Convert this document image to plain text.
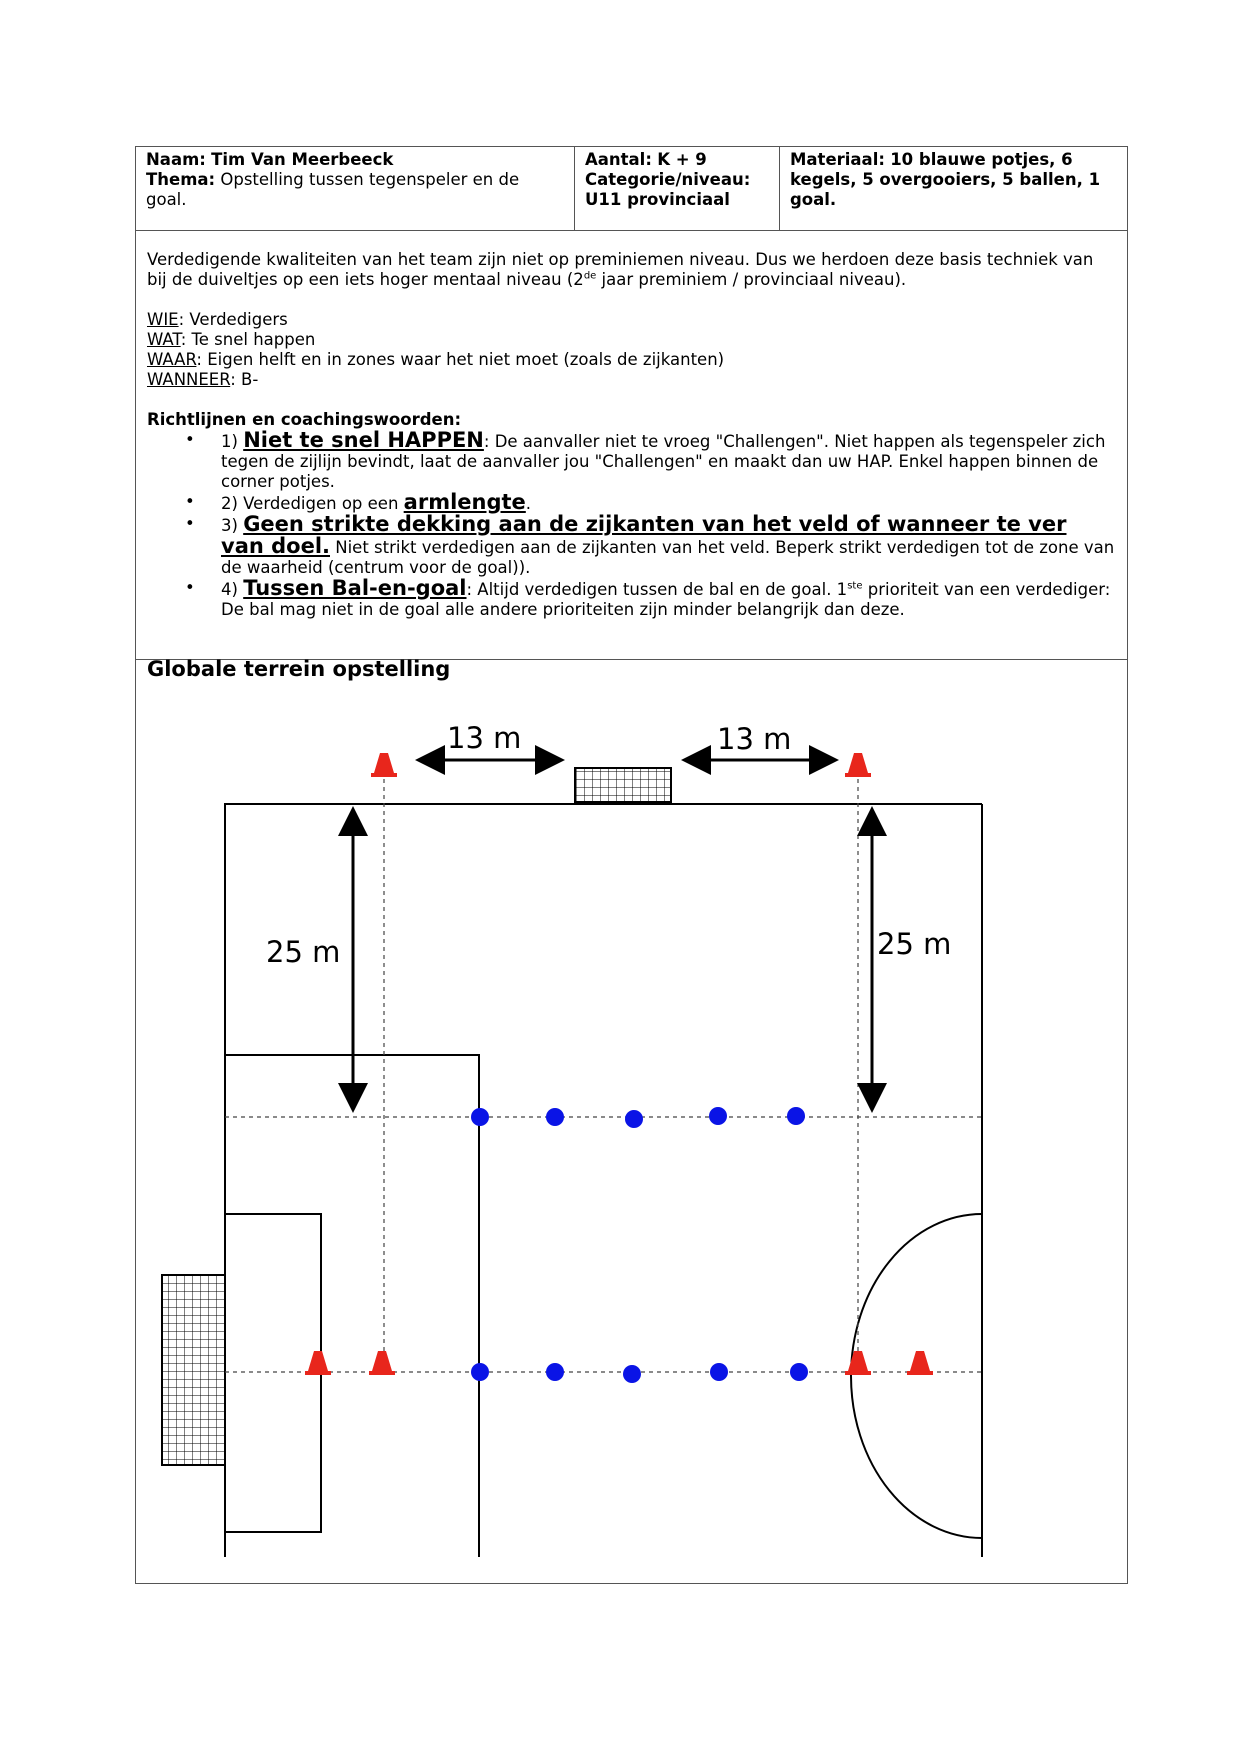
Naam: Tim Van Meerbeeck
Thema: Opstelling tussen tegenspeler en de goal.
Aantal: K + 9
Categorie/niveau:
U11 provinciaal
Materiaal: 10 blauwe potjes, 6 kegels, 5 overgooiers, 5 ballen, 1 goal.

Verdedigende kwaliteiten van het team zijn niet op preminiemen niveau. Dus we herdoen deze basis techniek van

bij de duiveltjes op een iets hoger mentaal niveau (2de jaar preminiem / provinciaal niveau).

WIE: Verdedigers

WAT: Te snel happen

WAAR: Eigen helft en in zones waar het niet moet (zoals de zijkanten)

WANNEER: B-

Richtlijnen en coachingswoorden:

• 1) Niet te snel HAPPEN: De aanvaller niet te vroeg "Challengen". Niet happen als tegenspeler zich tegen de zijlijn bevindt, laat de aanvaller jou "Challengen" en maakt dan uw HAP. Enkel happen binnen de corner potjes.
• 2) Verdedigen op een armlengte.
• 3) Geen strikte dekking aan de zijkanten van het veld of wanneer te ver van doel. Niet strikt verdedigen aan de zijkanten van het veld. Beperk strikt verdedigen tot de zone van de waarheid (centrum voor de goal)).
• 4) Tussen Bal-en-goal: Altijd verdedigen tussen de bal en de goal. 1ste prioriteit van een verdediger: De bal mag niet in de goal alle andere prioriteiten zijn minder belangrijk dan deze.
Globale terrein opstelling
13 m	13 m
25 m	25 m
